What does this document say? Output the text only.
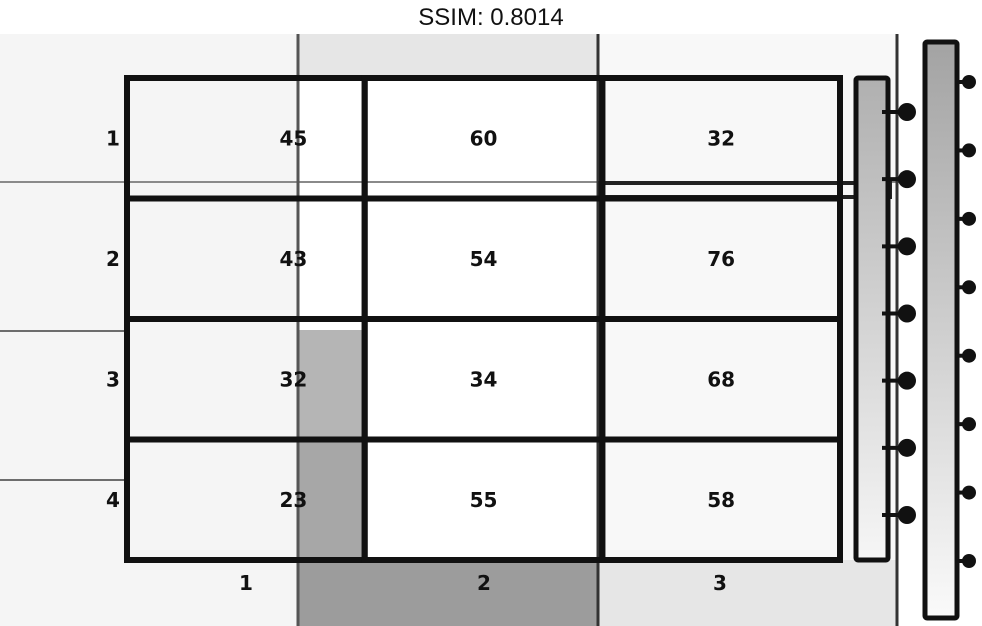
SSIM: 0.8014
45	60	32
43	54	76
32	34	68
23	55	58
1
2
3
4
1	2	3
